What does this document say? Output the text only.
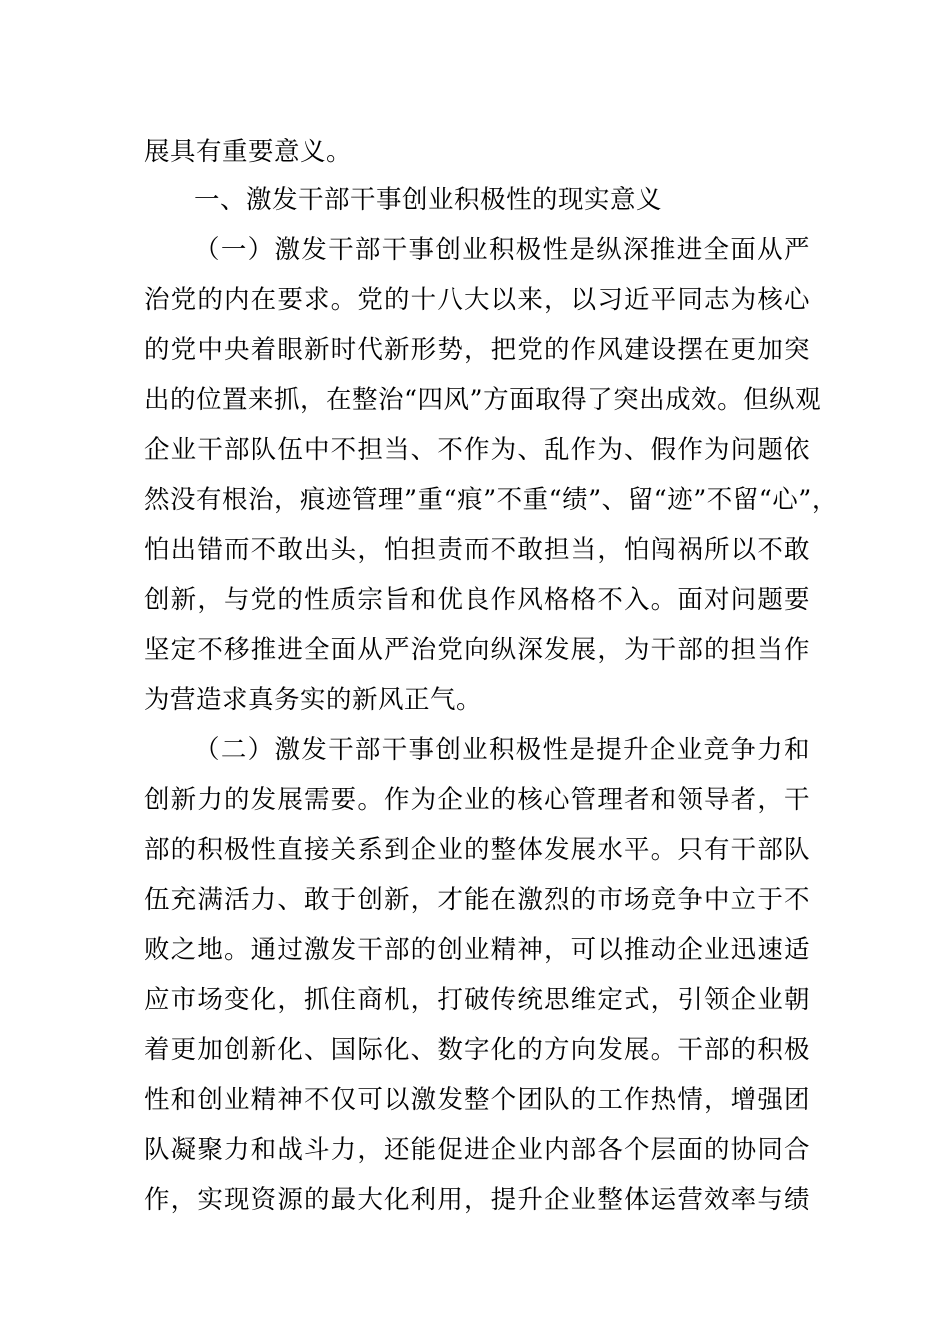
展具有重要意义。
一、激发干部干事创业积极性的现实意义
（一）激发干部干事创业积极性是纵深推进全面从严
治党的内在要求。党的十八大以来，以习近平同志为核心
的党中央着眼新时代新形势，把党的作风建设摆在更加突
出的位置来抓，在整治“四风”方面取得了突出成效。但纵观
企业干部队伍中不担当、不作为、乱作为、假作为问题依
然没有根治，痕迹管理”重“痕”不重“绩”、留“迹”不留“心”，
怕出错而不敢出头，怕担责而不敢担当，怕闯祸所以不敢
创新，与党的性质宗旨和优良作风格格不入。面对问题要
坚定不移推进全面从严治党向纵深发展，为干部的担当作
为营造求真务实的新风正气。
（二）激发干部干事创业积极性是提升企业竞争力和
创新力的发展需要。作为企业的核心管理者和领导者，干
部的积极性直接关系到企业的整体发展水平。只有干部队
伍充满活力、敢于创新，才能在激烈的市场竞争中立于不
败之地。通过激发干部的创业精神，可以推动企业迅速适
应市场变化，抓住商机，打破传统思维定式，引领企业朝
着更加创新化、国际化、数字化的方向发展。干部的积极
性和创业精神不仅可以激发整个团队的工作热情，增强团
队凝聚力和战斗力，还能促进企业内部各个层面的协同合
作，实现资源的最大化利用，提升企业整体运营效率与绩
